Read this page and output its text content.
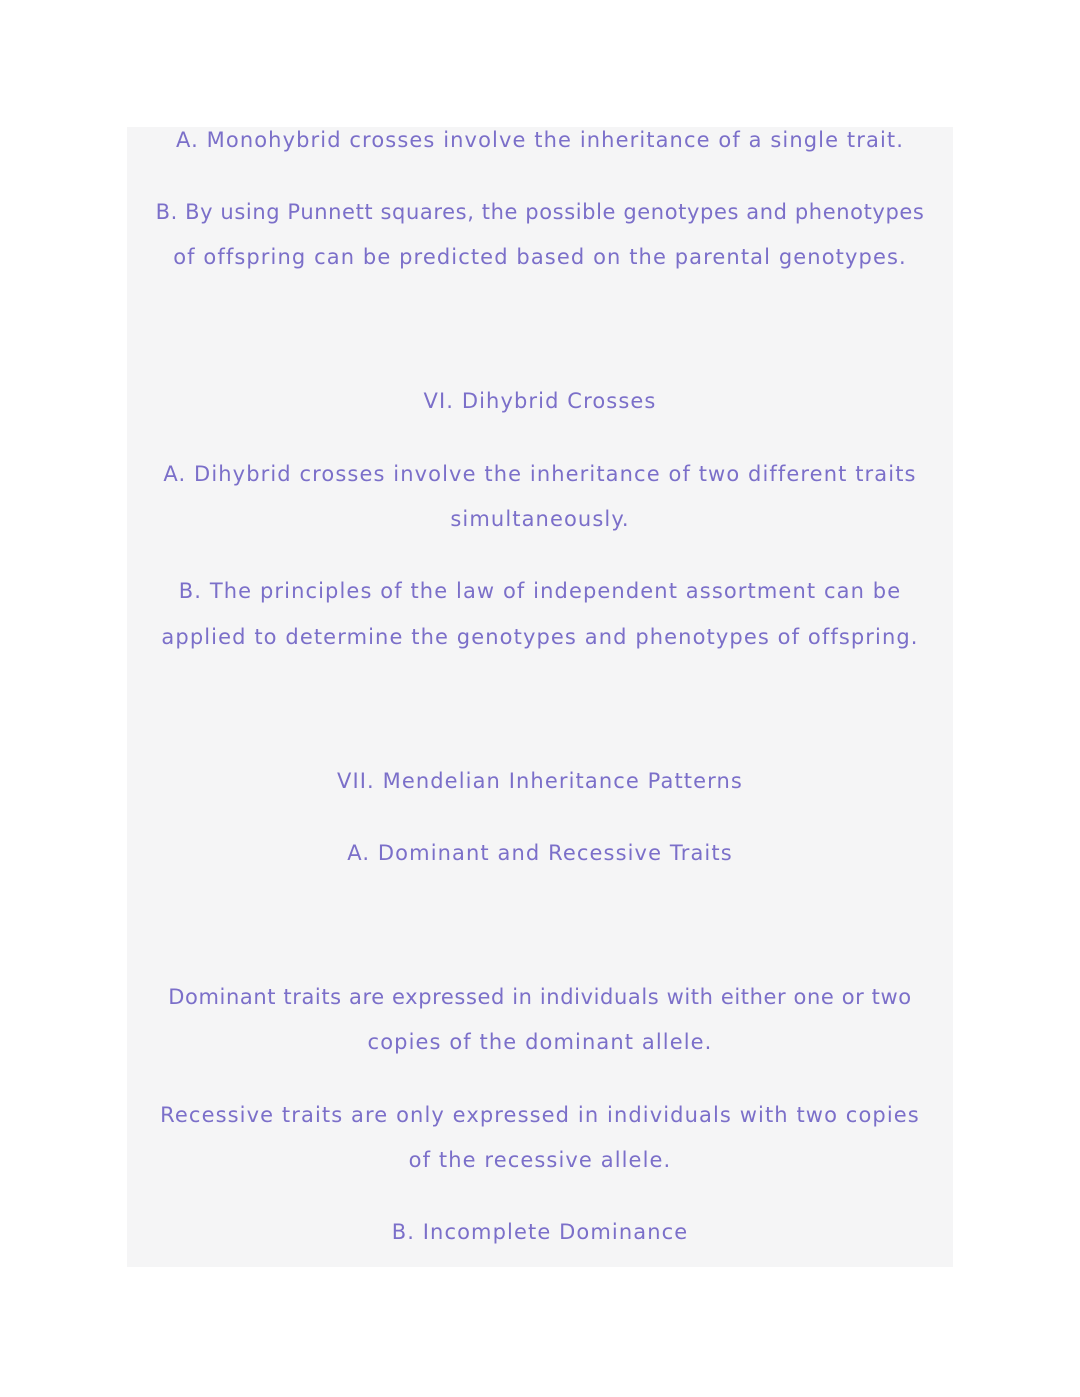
A. Monohybrid crosses involve the inheritance of a single trait.
B. By using Punnett squares, the possible genotypes and phenotypes
of offspring can be predicted based on the parental genotypes.
VI. Dihybrid Crosses
A. Dihybrid crosses involve the inheritance of two different traits
simultaneously.
B. The principles of the law of independent assortment can be
applied to determine the genotypes and phenotypes of offspring.
VII. Mendelian Inheritance Patterns
A. Dominant and Recessive Traits
Dominant traits are expressed in individuals with either one or two
copies of the dominant allele.
Recessive traits are only expressed in individuals with two copies
of the recessive allele.
B. Incomplete Dominance
